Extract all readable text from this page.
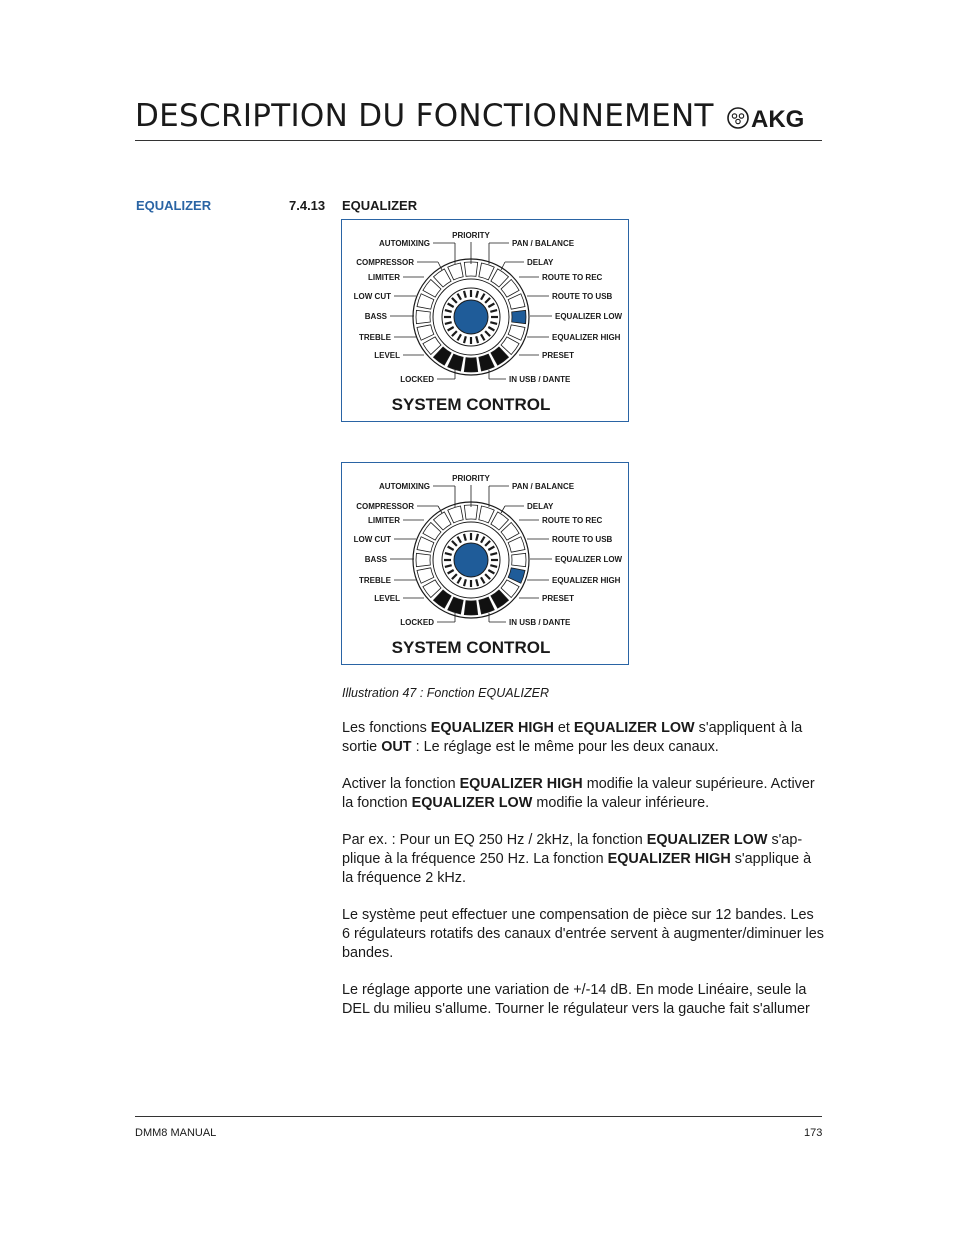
DESCRIPTION DU FONCTIONNEMENT AKG
EQUALIZER	7.4.13 EQUALIZER
PRIORITY
AUTOMIXING	PAN / BALANCE
COMPRESSOR	DELAY
LIMITER	ROUTE TO REC
LOW CUT	ROUTE TO USB
BASS	EQUALIZER LOW
TREBLE	EQUALIZER HIGH
LEVEL	PRESET
LOCKED	IN USB / DANTE
SYSTEM CONTROL
PRIORITY
AUTOMIXING	PAN / BALANCE
COMPRESSOR	DELAY
LIMITER	ROUTE TO REC
LOW CUT	ROUTE TO USB
BASS	EQUALIZER LOW
TREBLE	EQUALIZER HIGH
LEVEL	PRESET
LOCKED	IN USB / DANTE
SYSTEM CONTROL
Illustration 47 : Fonction EQUALIZER

Les fonctions EQUALIZER HIGH et EQUALIZER LOW s'appliquent à la sortie OUT : Le réglage est le même pour les deux canaux.

Activer la fonction EQUALIZER HIGH modifie la valeur supérieure. Activer la fonction EQUALIZER LOW modifie la valeur inférieure.

Par ex. : Pour un EQ 250 Hz / 2kHz, la fonction EQUALIZER LOW s'ap-plique à la fréquence 250 Hz. La fonction EQUALIZER HIGH s'applique à la fréquence 2 kHz.

Le système peut effectuer une compensation de pièce sur 12 bandes. Les 6 régulateurs rotatifs des canaux d'entrée servent à augmenter/diminuer les bandes.

Le réglage apporte une variation de +/-14 dB. En mode Linéaire, seule la DEL du milieu s'allume. Tourner le régulateur vers la gauche fait s'allumer

DMM8 MANUAL	173
